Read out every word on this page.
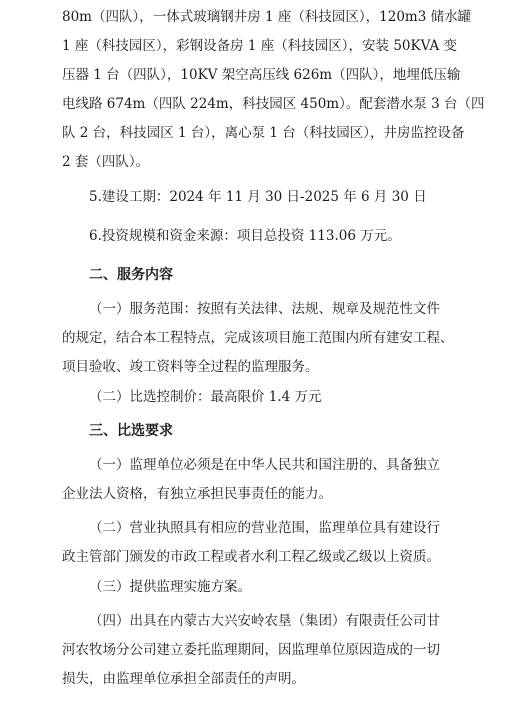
80m（四队），一体式玻璃钢井房 1 座（科技园区），120m3 储水罐
1 座（科技园区），彩钢设备房 1 座（科技园区），安装 50KVA 变
压器 1 台（四队），10KV 架空高压线 626m（四队），地埋低压输
电线路 674m（四队 224m，科技园区 450m）。配套潜水泵 3 台（四
队 2 台，科技园区 1 台），离心泵 1 台（科技园区），井房监控设备
2 套（四队）。
5.建设工期：2024 年 11 月 30 日-2025 年 6 月 30 日
6.投资规模和资金来源：项目总投资 113.06 万元。
二、服务内容
（一）服务范围：按照有关法律、法规、规章及规范性文件
的规定，结合本工程特点，完成该项目施工范围内所有建安工程、
项目验收、竣工资料等全过程的监理服务。
（二）比选控制价：最高限价 1.4 万元
三、比选要求
（一）监理单位必须是在中华人民共和国注册的、具备独立
企业法人资格，有独立承担民事责任的能力。
（二）营业执照具有相应的营业范围，监理单位具有建设行
政主管部门颁发的市政工程或者水利工程乙级或乙级以上资质。
（三）提供监理实施方案。
（四）出具在内蒙古大兴安岭农垦（集团）有限责任公司甘
河农牧场分公司建立委托监理期间，因监理单位原因造成的一切
损失，由监理单位承担全部责任的声明。
